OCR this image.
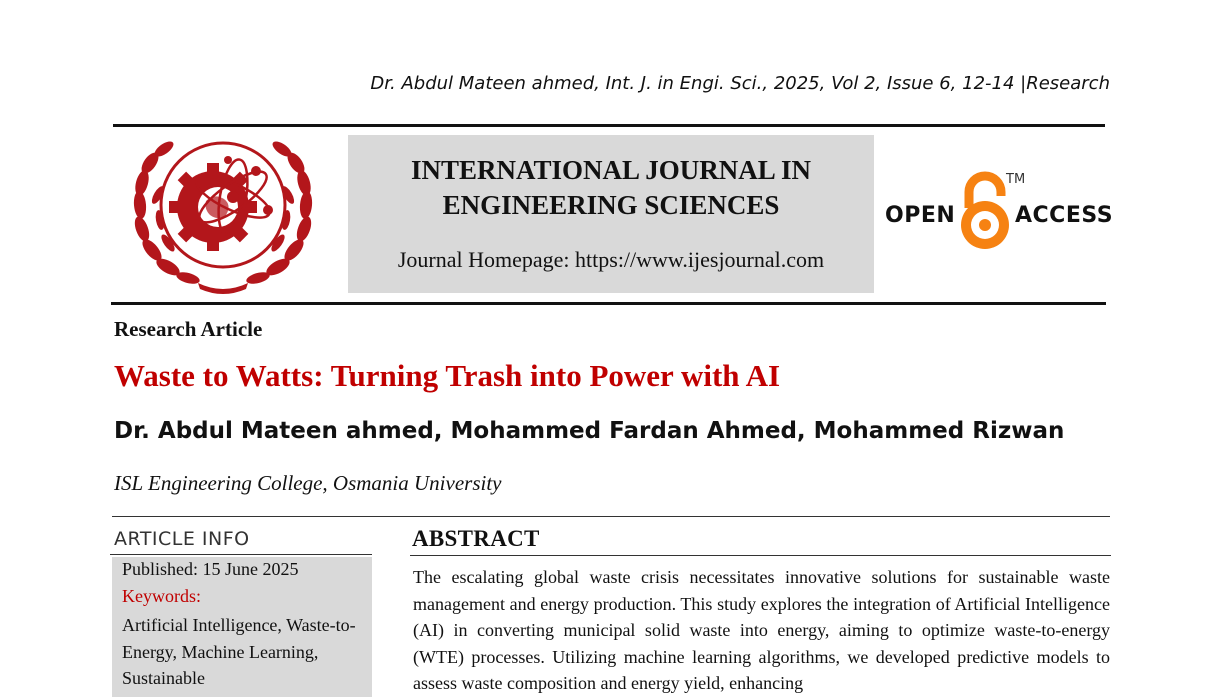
Dr. Abdul Mateen ahmed, Int. J. in Engi. Sci., 2025, Vol 2, Issue 6, 12-14 |Research
INTERNATIONAL JOURNAL IN ENGINEERING SCIENCES
Journal Homepage: https://www.ijesjournal.com
OPEN
TM
ACCESS
Research Article
Waste to Watts: Turning Trash into Power with AI
Dr. Abdul Mateen ahmed, Mohammed Fardan Ahmed, Mohammed Rizwan
ISL Engineering College, Osmania University
ARTICLE INFO
Published: 15 June 2025
Keywords:
Artificial Intelligence, Waste-to-Energy, Machine Learning, Sustainable
ABSTRACT
The escalating global waste crisis necessitates innovative solutions for sustainable waste management and energy production. This study explores the integration of Artificial Intelligence (AI) in converting municipal solid waste into energy, aiming to optimize waste-to-energy (WTE) processes. Utilizing machine learning algorithms, we developed predictive models to assess waste composition and energy yield, enhancing
